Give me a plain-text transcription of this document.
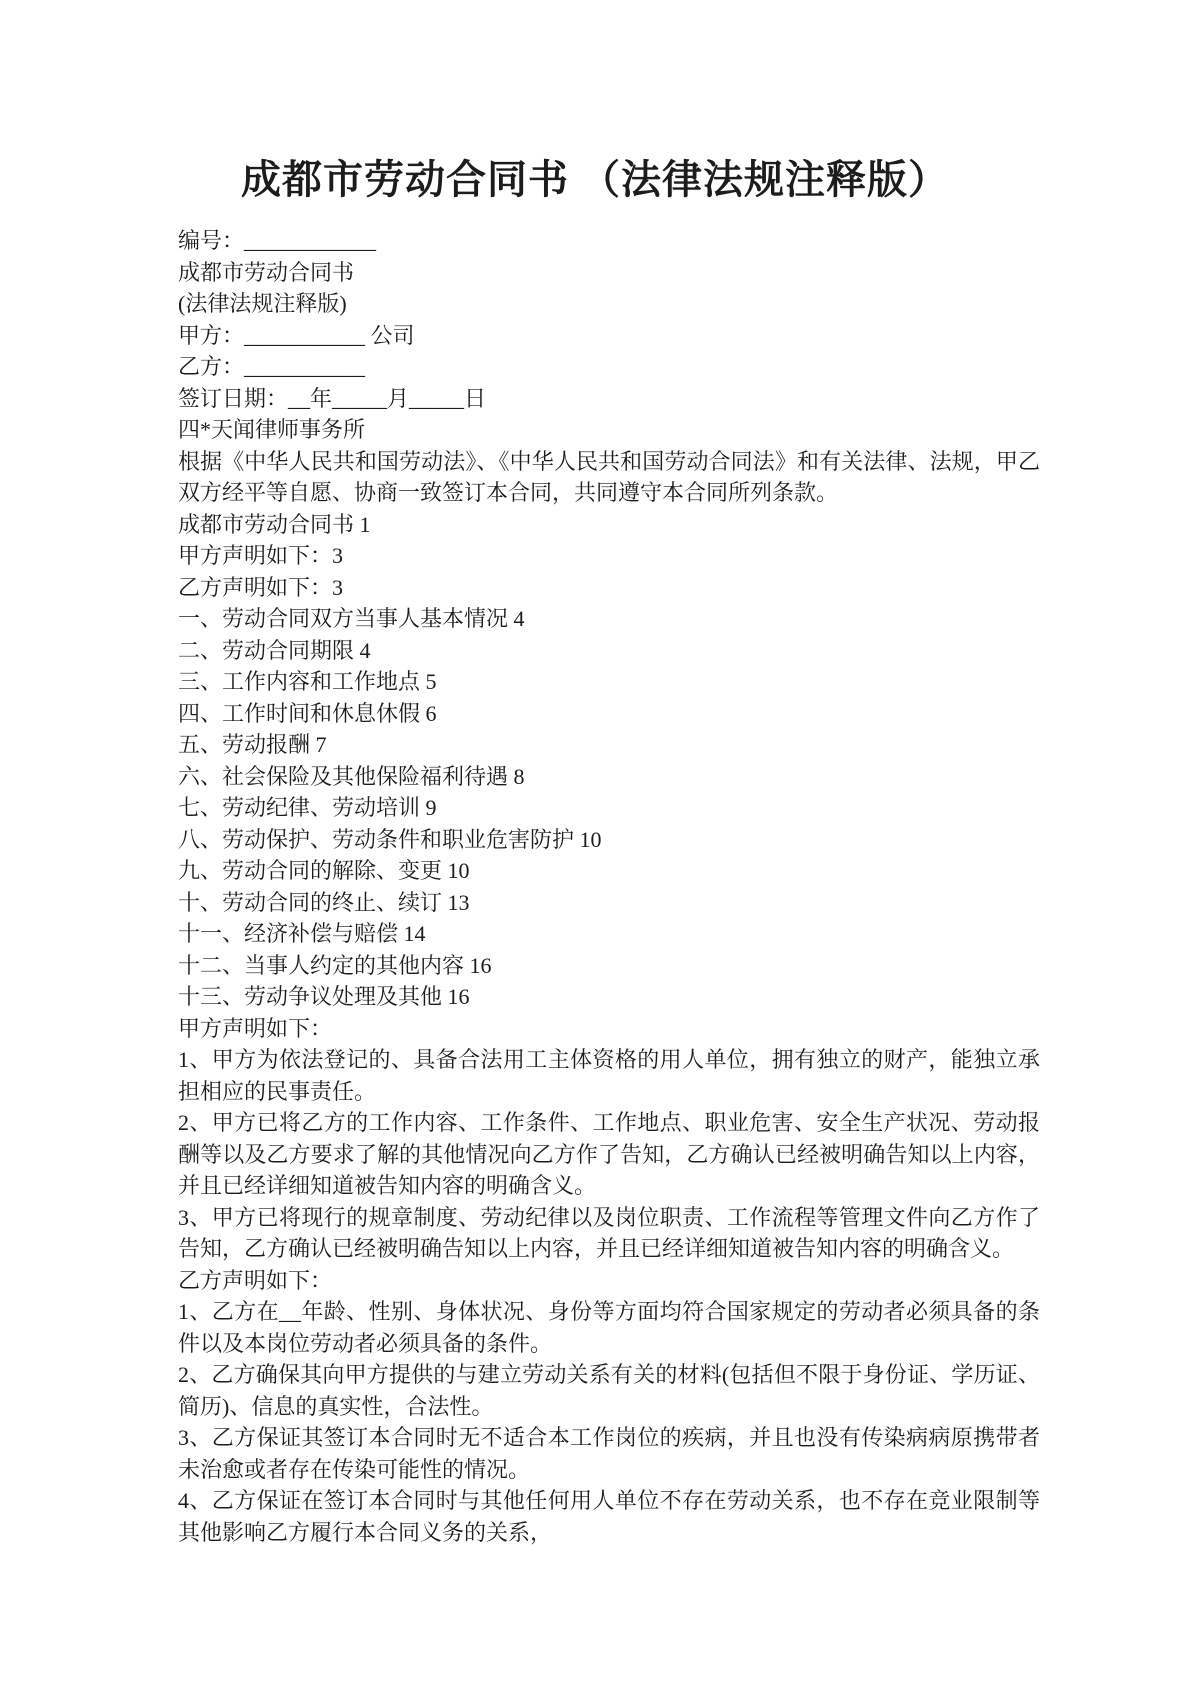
成都市劳动合同书 （法律法规注释版）

编号：____________

成都市劳动合同书

(法律法规注释版)

甲方：___________ 公司

乙方：___________

签订日期：__年_____月_____日

四*天闻律师事务所

根据《中华人民共和国劳动法》、《中华人民共和国劳动合同法》和有关法律、法规，甲乙双方经平等自愿、协商一致签订本合同，共同遵守本合同所列条款。

成都市劳动合同书 1

甲方声明如下：3

乙方声明如下：3

一、劳动合同双方当事人基本情况 4

二、劳动合同期限 4

三、工作内容和工作地点 5

四、工作时间和休息休假 6

五、劳动报酬 7

六、社会保险及其他保险福利待遇 8

七、劳动纪律、劳动培训 9

八、劳动保护、劳动条件和职业危害防护 10

九、劳动合同的解除、变更 10

十、劳动合同的终止、续订 13

十一、经济补偿与赔偿 14

十二、当事人约定的其他内容 16

十三、劳动争议处理及其他 16

甲方声明如下：

1、甲方为依法登记的、具备合法用工主体资格的用人单位，拥有独立的财产，能独立承担相应的民事责任。

2、甲方已将乙方的工作内容、工作条件、工作地点、职业危害、安全生产状况、劳动报酬等以及乙方要求了解的其他情况向乙方作了告知，乙方确认已经被明确告知以上内容，并且已经详细知道被告知内容的明确含义。

3、甲方已将现行的规章制度、劳动纪律以及岗位职责、工作流程等管理文件向乙方作了告知，乙方确认已经被明确告知以上内容，并且已经详细知道被告知内容的明确含义。

乙方声明如下：

1、乙方在__年龄、性别、身体状况、身份等方面均符合国家规定的劳动者必须具备的条件以及本岗位劳动者必须具备的条件。

2、乙方确保其向甲方提供的与建立劳动关系有关的材料(包括但不限于身份证、学历证、简历)、信息的真实性，合法性。

3、乙方保证其签订本合同时无不适合本工作岗位的疾病，并且也没有传染病病原携带者未治愈或者存在传染可能性的情况。

4、乙方保证在签订本合同时与其他任何用人单位不存在劳动关系，也不存在竞业限制等其他影响乙方履行本合同义务的关系，
